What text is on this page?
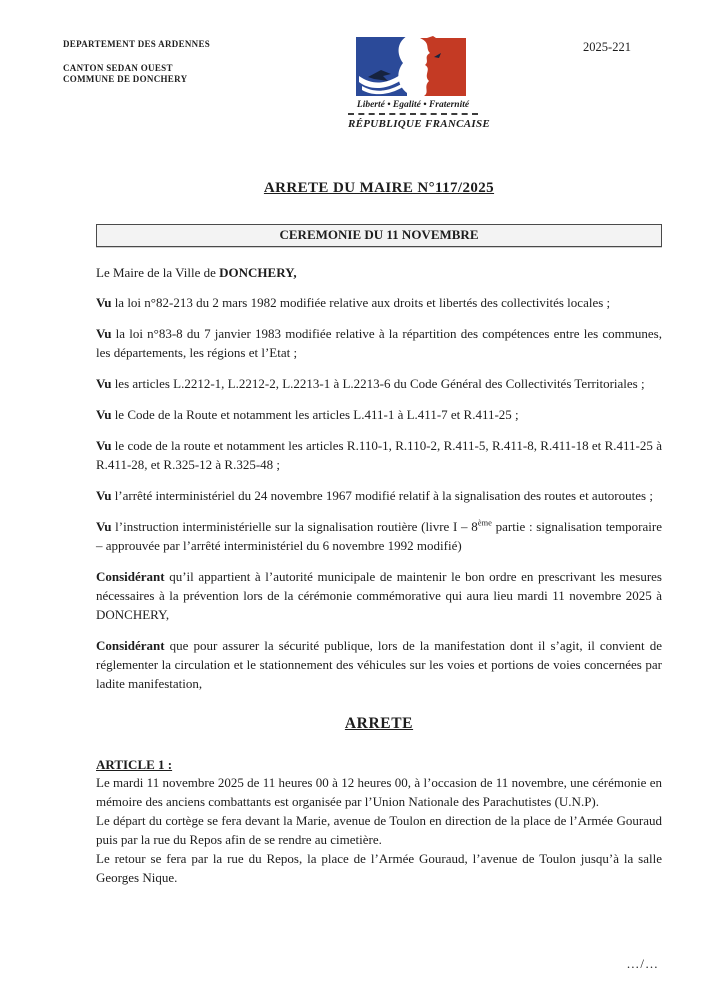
DEPARTEMENT DES ARDENNES
CANTON SEDAN OUEST
COMMUNE DE DONCHERY
Liberté • Egalité • Fraternité
RÉPUBLIQUE FRANCAISE
2025-221
ARRETE DU MAIRE N°117/2025
CEREMONIE DU 11 NOVEMBRE

Le Maire de la Ville de DONCHERY,

Vu la loi n°82-213 du 2 mars 1982 modifiée relative aux droits et libertés des collectivités locales ;

Vu la loi n°83-8 du 7 janvier 1983 modifiée relative à la répartition des compétences entre les communes, les départements, les régions et l’Etat ;

Vu les articles L.2212-1, L.2212-2, L.2213-1 à L.2213-6 du Code Général des Collectivités Territoriales ;

Vu le Code de la Route et notamment les articles L.411-1 à L.411-7 et R.411-25 ;

Vu le code de la route et notamment les articles R.110-1, R.110-2, R.411-5, R.411-8, R.411-18 et R.411-25 à R.411-28, et R.325-12 à R.325-48 ;

Vu l’arrêté interministériel du 24 novembre 1967 modifié relatif à la signalisation des routes et autoroutes ;

Vu l’instruction interministérielle sur la signalisation routière (livre I – 8ème partie : signalisation temporaire – approuvée par l’arrêté interministériel du 6 novembre 1992 modifié)

Considérant qu’il appartient à l’autorité municipale de maintenir le bon ordre en prescrivant les mesures nécessaires à la prévention lors de la cérémonie commémorative qui aura lieu mardi 11 novembre 2025 à DONCHERY,

Considérant que pour assurer la sécurité publique, lors de la manifestation dont il s’agit, il convient de réglementer la circulation et le stationnement des véhicules sur les voies et portions de voies concernées par ladite manifestation,

ARRETE
ARTICLE 1 :

Le mardi 11 novembre 2025 de 11 heures 00 à 12 heures 00, à l’occasion de 11 novembre, une cérémonie en mémoire des anciens combattants est organisée par l’Union Nationale des Parachutistes (U.N.P).

Le départ du cortège se fera devant la Marie, avenue de Toulon en direction de la place de l’Armée Gouraud puis par la rue du Repos afin de se rendre au cimetière.

Le retour se fera par la rue du Repos, la place de l’Armée Gouraud, l’avenue de Toulon jusqu’à la salle Georges Nique.

…/…
